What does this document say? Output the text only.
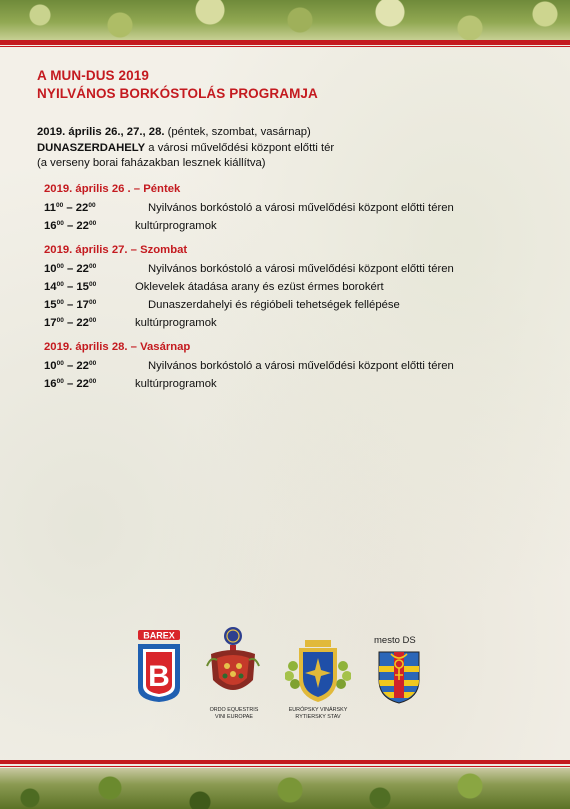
A MUN-DUS 2019
NYILVÁNOS BORKÓSTOLÁS PROGRAMJA
2019. április 26., 27., 28. (péntek, szombat, vasárnap)
DUNASZERDAHELY a városi művelődési központ előtti tér
(a verseny borai faházakban lesznek kiállítva)
2019. április 26 . – Péntek
$11^{00} - 22^{00}$	Nyilvános borkóstoló a városi művelődési központ előtti téren
$16^{00} - 22^{00}$	kultúrprogramok
2019. április 27. – Szombat
$10^{00} - 22^{00}$	Nyilvános borkóstoló a városi művelődési központ előtti téren
$14^{00} - 15^{00}$	Oklevelek átadása arany és ezüst érmes borokért
$15^{00} - 17^{00}$	Dunaszerdahelyi és régióbeli tehetségek fellépése
$17^{00} - 22^{00}$	kultúrprogramok
2019. április 28. – Vasárnap
$10^{00} - 22^{00}$	Nyilvános borkóstoló a városi művelődési központ előtti téren
$16^{00} - 22^{00}$	kultúrprogramok
BAREX
B
ORDO EQUESTRIS
VINI EUROPAE
EURÓPSKY VINÁRSKY
RYTIERSKY STAV
mesto DS
